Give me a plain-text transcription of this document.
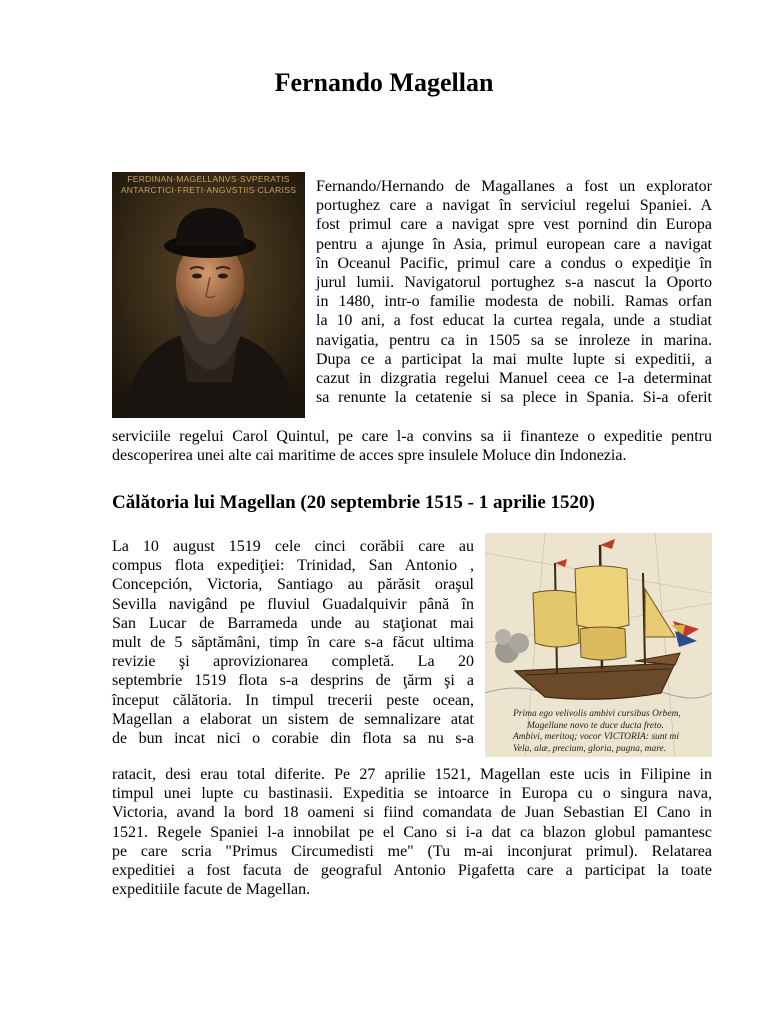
Fernando Magellan
FERDINAN·MAGELLANVS·SVPERATIS
ANTARCTICI·FRETI·ANGVSTIIS·CLARISS	Fernando/Hernando de Magallanes a fost un explorator
portughez care a navigat în serviciul regelui Spaniei. A
fost primul care a navigat spre vest pornind din Europa
pentru a ajunge în Asia, primul european care a navigat
în Oceanul Pacific, primul care a condus o expediţie în
jurul lumii. Navigatorul portughez s-a nascut la Oporto
in 1480, intr-o familie modesta de nobili. Ramas orfan
la 10 ani, a fost educat la curtea regala, unde a studiat
navigatia, pentru ca in 1505 sa se inroleze in marina.
Dupa ce a participat la mai multe lupte si expeditii, a
cazut in dizgratia regelui Manuel ceea ce l-a determinat
sa renunte la cetatenie si sa plece in Spania. Si-a oferit
serviciile regelui Carol Quintul, pe care l-a convins sa ii finanteze o expeditie pentru
descoperirea unei alte cai maritime de acces spre insulele Moluce din Indonezia.
Călătoria lui Magellan (20 septembrie 1515 - 1 aprilie 1520)
Prima ego velivolis ambivi cursibus Orbem,
Magellane novo te duce ducta freto.
Ambivi, meritoq; vocor VICTORIA: sunt mi
Vela, alæ, precium, gloria, pugna, mare.
La 10 august 1519 cele cinci corăbii care au
compus flota expediţiei: Trinidad, San Antonio ,
Concepción, Victoria, Santiago au părăsit oraşul
Sevilla navigând pe fluviul Guadalquivir până în
San Lucar de Barrameda unde au staţionat mai
mult de 5 săptămâni, timp în care s-a făcut ultima
revizie şi aprovizionarea completă. La 20
septembrie 1519 flota s-a desprins de ţărm şi a
început călătoria. In timpul trecerii peste ocean,
Magellan a elaborat un sistem de semnalizare atat
de bun incat nici o corabie din flota sa nu s-a
ratacit, desi erau total diferite. Pe 27 aprilie 1521, Magellan este ucis in Filipine in
timpul unei lupte cu bastinasii. Expeditia se intoarce in Europa cu o singura nava,
Victoria, avand la bord 18 oameni si fiind comandata de Juan Sebastian El Cano in
1521. Regele Spaniei l-a innobilat pe el Cano si i-a dat ca blazon globul pamantesc
pe care scria "Primus Circumedisti me" (Tu m-ai inconjurat primul). Relatarea
expeditiei a fost facuta de geograful Antonio Pigafetta care a participat la toate
expeditiile facute de Magellan.
